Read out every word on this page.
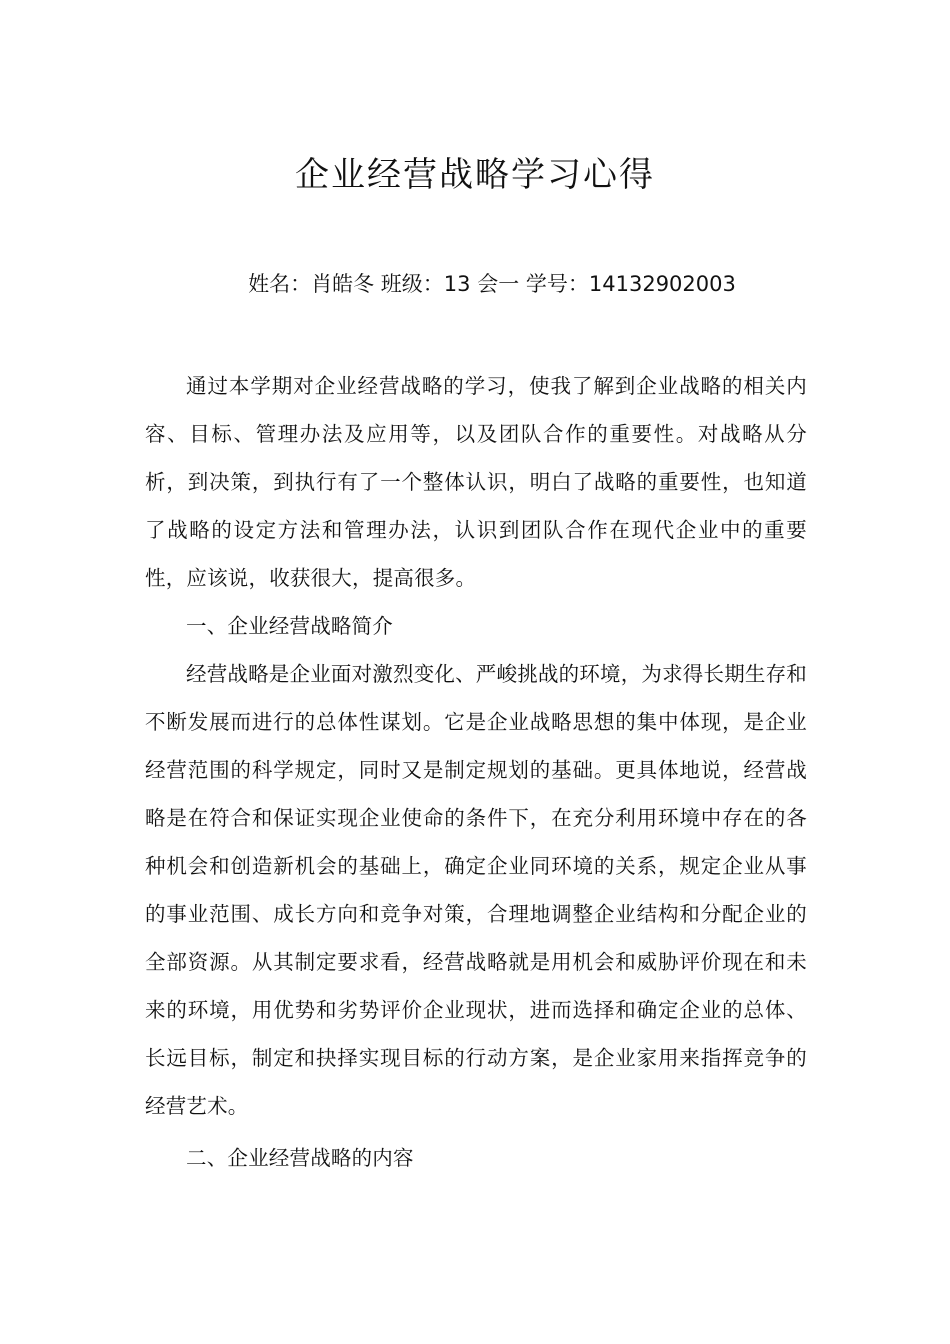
企业经营战略学习心得
姓名：肖皓冬 班级：13 会一 学号：14132902003

通过本学期对企业经营战略的学习，使我了解到企业战略的相关内容、目标、管理办法及应用等，以及团队合作的重要性。对战略从分析，到决策，到执行有了一个整体认识，明白了战略的重要性，也知道了战略的设定方法和管理办法，认识到团队合作在现代企业中的重要性，应该说，收获很大，提高很多。

一、企业经营战略简介

经营战略是企业面对激烈变化、严峻挑战的环境，为求得长期生存和不断发展而进行的总体性谋划。它是企业战略思想的集中体现，是企业经营范围的科学规定，同时又是制定规划的基础。更具体地说，经营战略是在符合和保证实现企业使命的条件下，在充分利用环境中存在的各种机会和创造新机会的基础上，确定企业同环境的关系，规定企业从事的事业范围、成长方向和竞争对策，合理地调整企业结构和分配企业的全部资源。从其制定要求看，经营战略就是用机会和威胁评价现在和未来的环境，用优势和劣势评价企业现状，进而选择和确定企业的总体、长远目标，制定和抉择实现目标的行动方案，是企业家用来指挥竞争的经营艺术。

二、企业经营战略的内容
